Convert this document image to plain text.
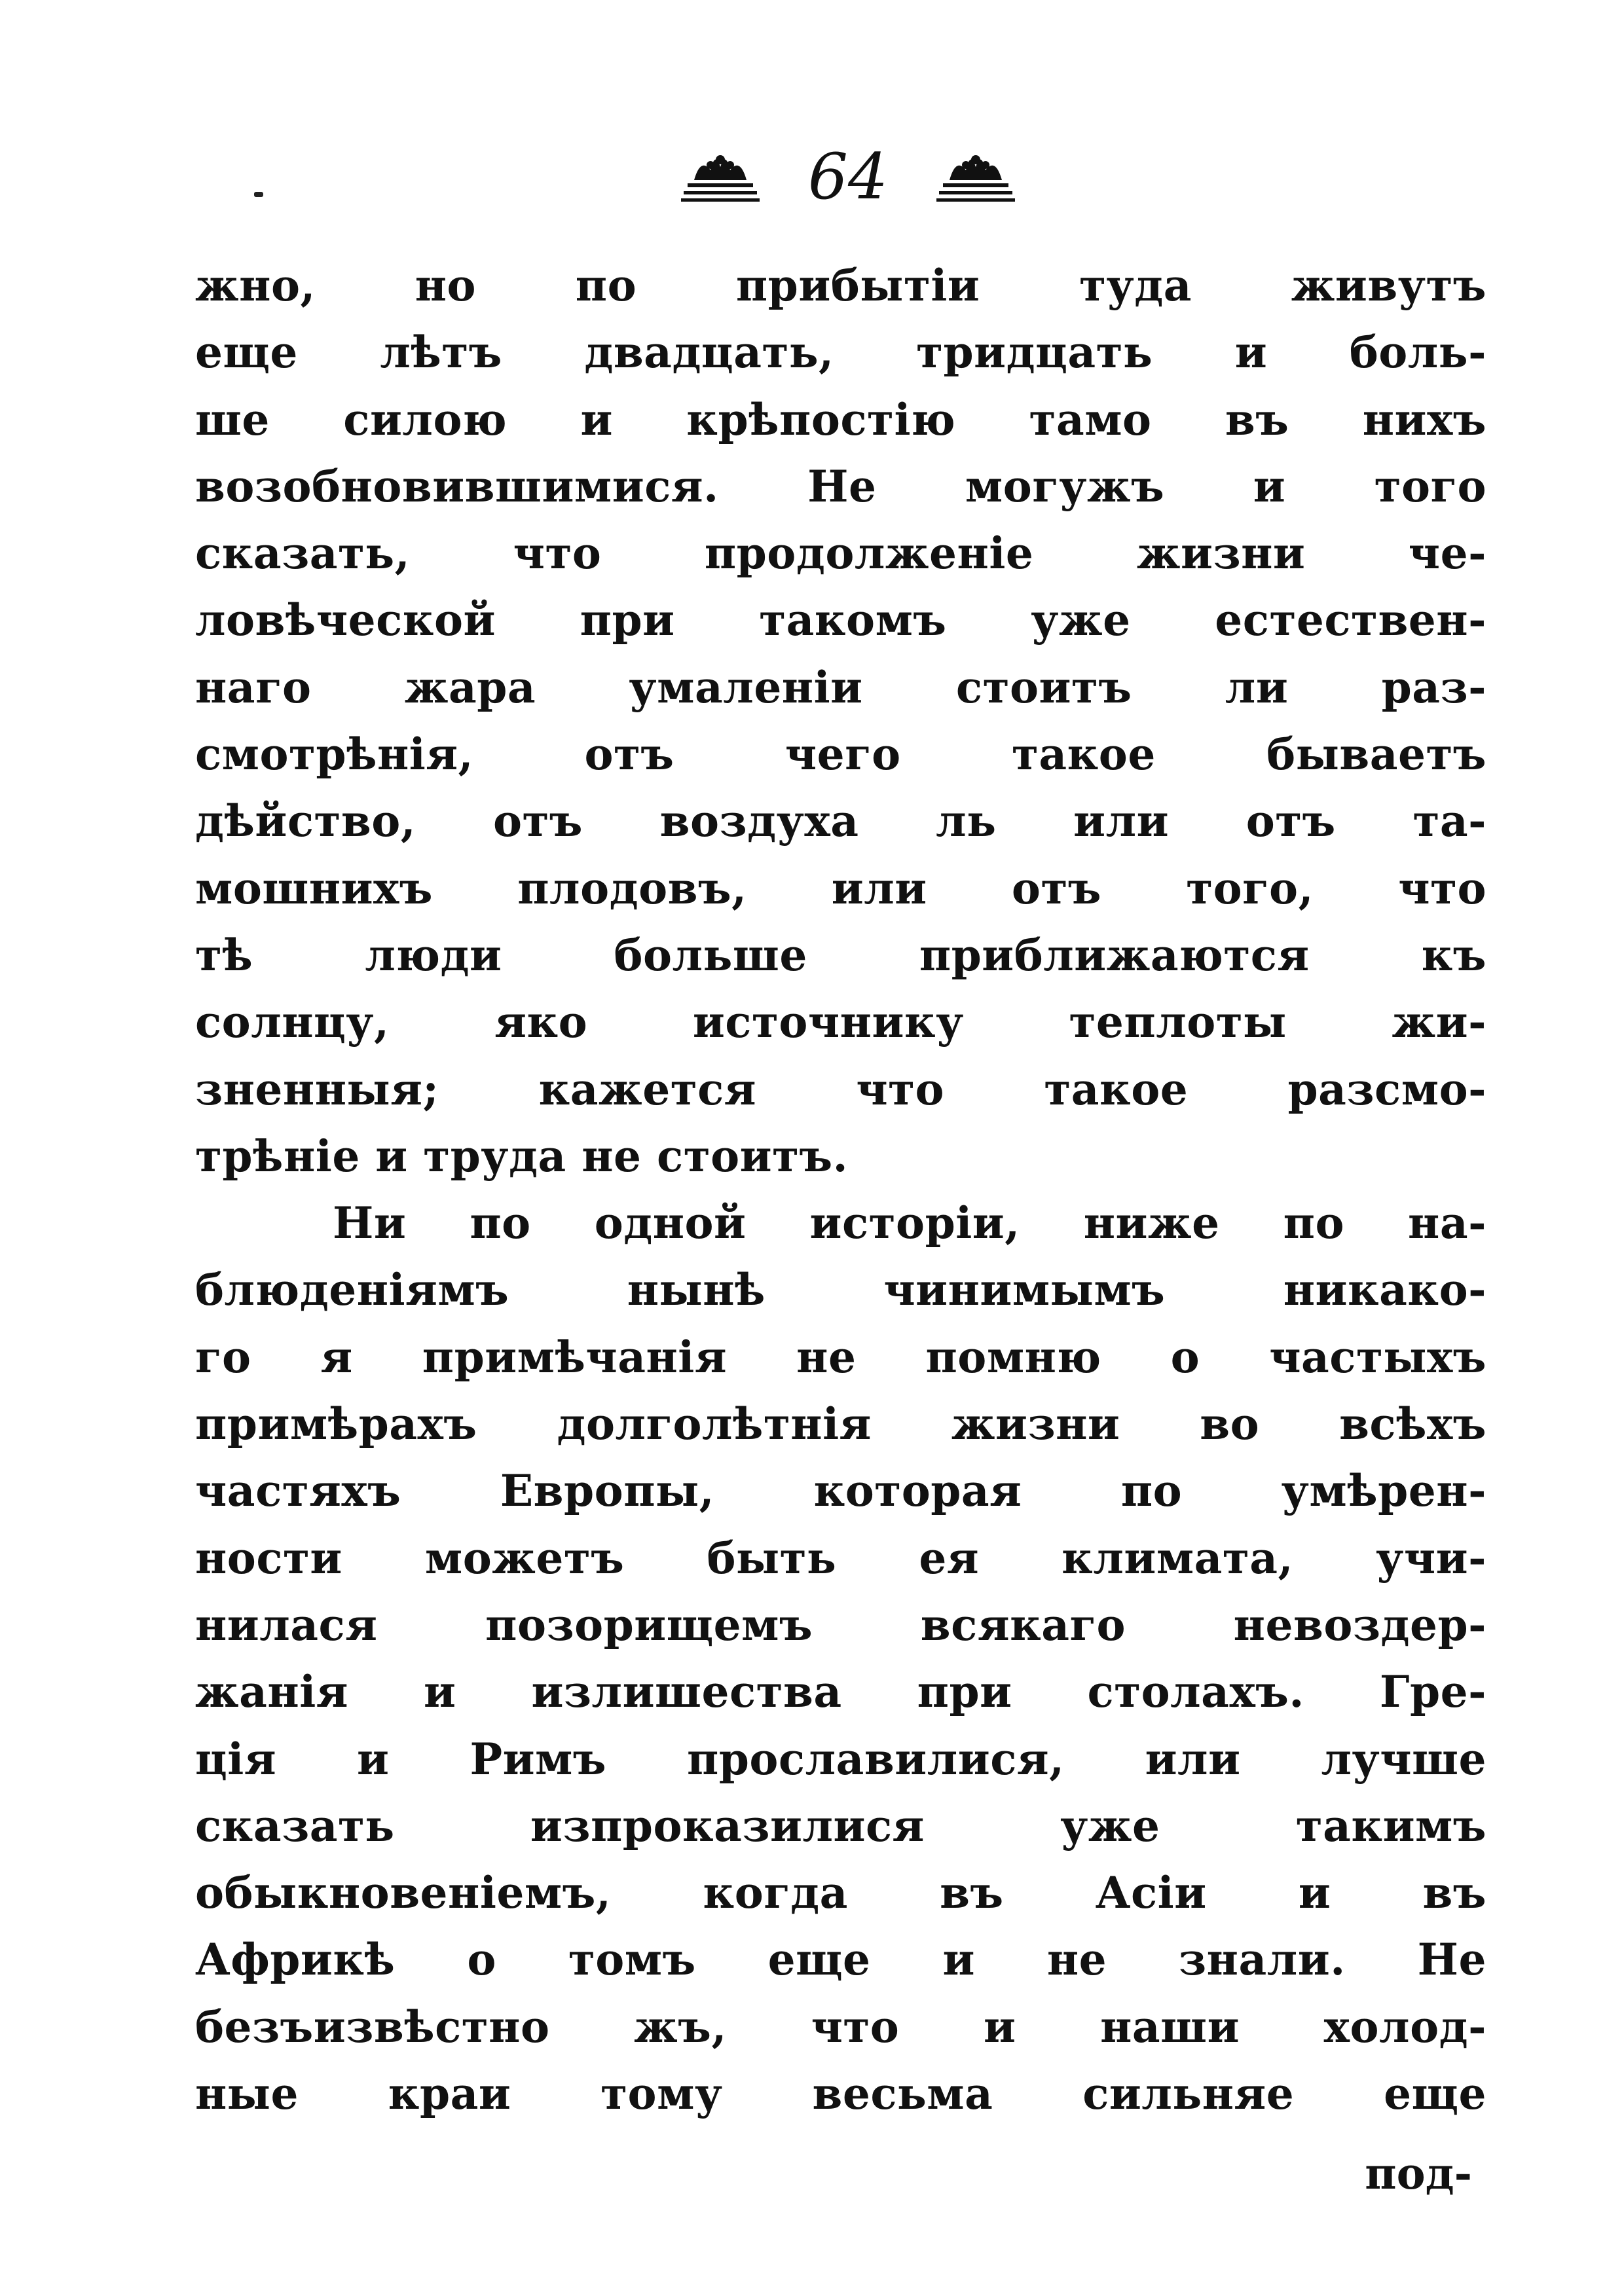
64
жно, но по прибытіи туда живутъ
еще лѣтъ двадцать, тридцать и боль-
ше силою и крѣпостію тамо въ нихъ
возобновившимися. Не могужъ и того
сказать, что продолженіе жизни че-
ловѣческой при такомъ уже естествен-
наго жара умаленіи стоитъ ли раз-
смотрѣнія, отъ чего такое бываетъ
дѣйство, отъ воздуха ль или отъ та-
мошнихъ плодовъ, или отъ того, что
тѣ люди больше приближаются къ
солнцу, яко источнику теплоты жи-
зненныя; кажется что такое разсмо-
трѣніе и труда не стоитъ.
Ни по одной исторіи, ниже по на-
блюденіямъ нынѣ чинимымъ никако-
го я примѣчанія не помню о частыхъ
примѣрахъ долголѣтнія жизни во всѣхъ
частяхъ Европы, которая по умѣрен-
ности можетъ быть ея климата, учи-
нилася позорищемъ всякаго невоздер-
жанія и излишества при столахъ. Гре-
ція и Римъ прославилися, или лучше
сказать изпроказилися уже такимъ
обыкновеніемъ, когда въ Асіи и въ
Африкѣ о томъ еще и не знали. Не
безъизвѣстно жъ, что и наши холод-
ные краи тому весьма сильняе еще
под-
